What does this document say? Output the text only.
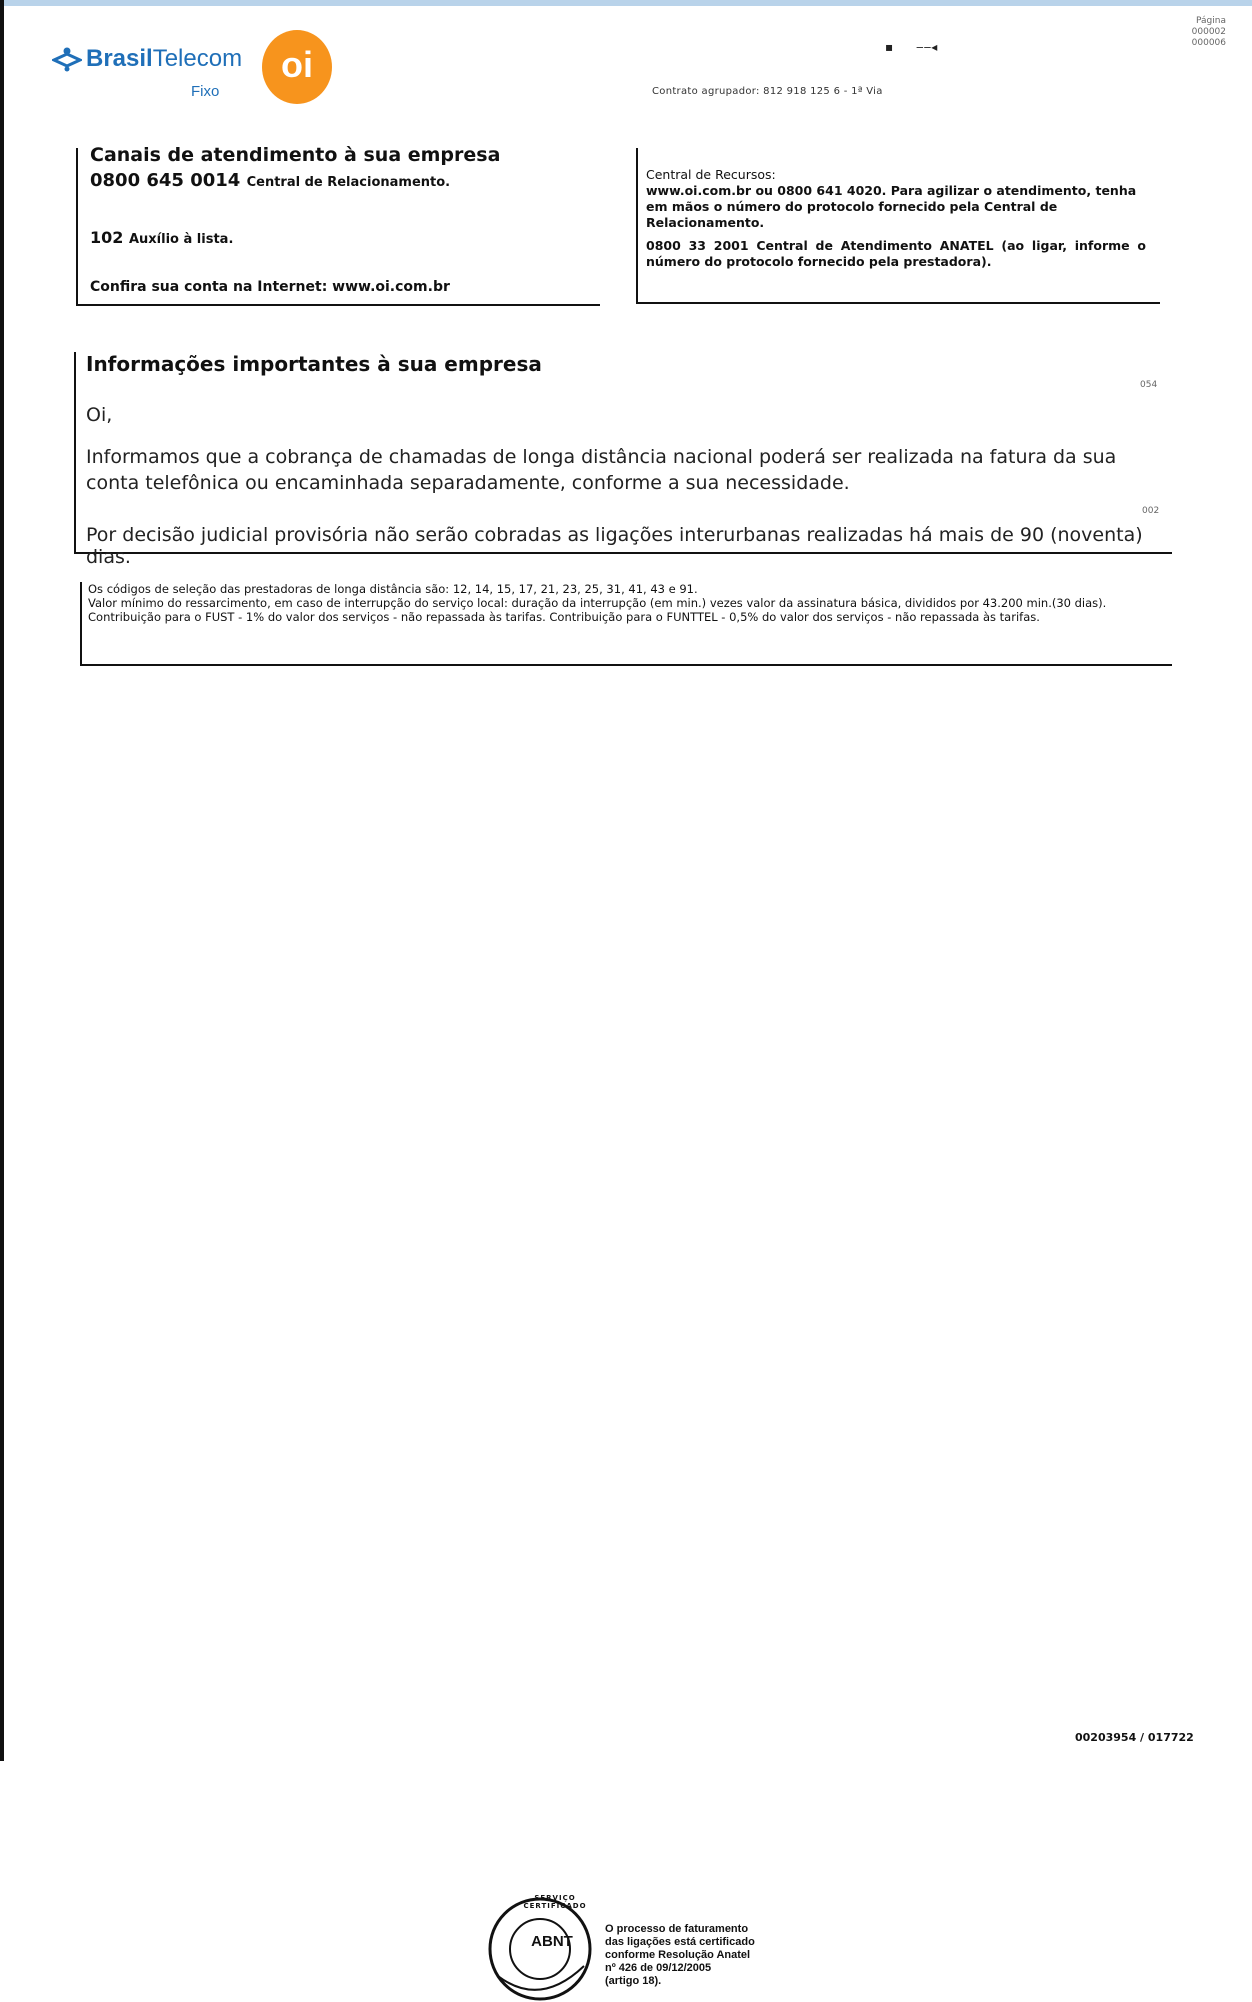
BrasilTelecom
Fixo
oi	▪      ‒‒◂
Contrato agrupador: 812 918 125 6 - 1ª Via
Página
000002
000006
Canais de atendimento à sua empresa
0800 645 0014 Central de Relacionamento.
102 Auxílio à lista.
Confira sua conta na Internet: www.oi.com.br
Central de Recursos:
www.oi.com.br ou 0800 641 4020. Para agilizar o atendimento, tenha em mãos o número do protocolo fornecido pela Central de Relacionamento.
0800 33 2001 Central de Atendimento ANATEL (ao ligar, informe o número do protocolo fornecido pela prestadora).
Informações importantes à sua empresa
054
Oi,
Informamos que a cobrança de chamadas de longa distância nacional poderá ser realizada na fatura da sua conta telefônica ou encaminhada separadamente, conforme a sua necessidade.
002
Por decisão judicial provisória não serão cobradas as ligações interurbanas realizadas há mais de 90 (noventa) dias.

Os códigos de seleção das prestadoras de longa distância são: 12, 14, 15, 17, 21, 23, 25, 31, 41, 43 e 91.

Valor mínimo do ressarcimento, em caso de interrupção do serviço local: duração da interrupção (em min.) vezes valor da assinatura básica, divididos por 43.200 min.(30 dias).

Contribuição para o FUST - 1% do valor dos serviços - não repassada às tarifas. Contribuição para o FUNTTEL - 0,5% do valor dos serviços - não repassada às tarifas.

SERVIÇO CERTIFICADO
ABNT

O processo de faturamento

das ligações está certificado

conforme Resolução Anatel

nº 426 de 09/12/2005

(artigo 18).

00203954 / 017722
